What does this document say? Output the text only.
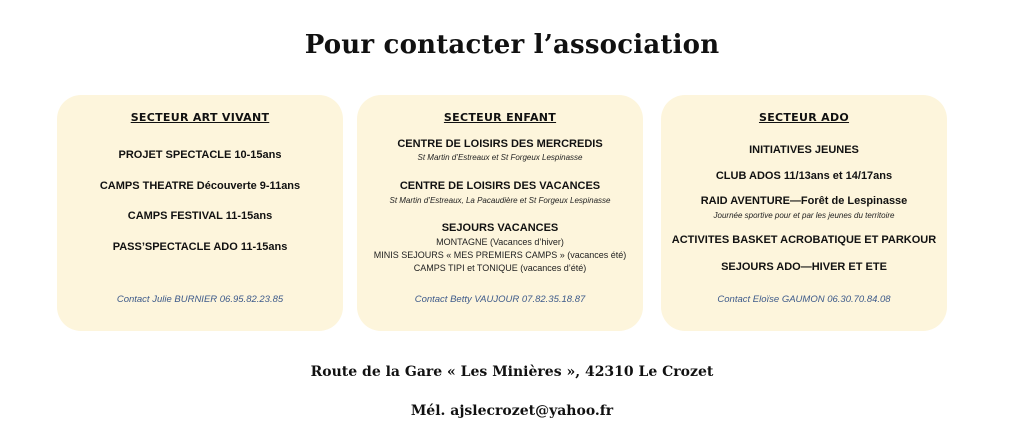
Pour contacter l’association
SECTEUR ART VIVANT
PROJET SPECTACLE 10-15ans
CAMPS THEATRE Découverte 9-11ans
CAMPS FESTIVAL 11-15ans
PASS’SPECTACLE ADO 11-15ans
Contact Julie BURNIER 06.95.82.23.85
SECTEUR ENFANT
CENTRE DE LOISIRS DES MERCREDIS
St Martin d’Estreaux et St Forgeux Lespinasse
CENTRE DE LOISIRS DES VACANCES
St Martin d’Estreaux, La Pacaudière et St Forgeux Lespinasse
SEJOURS VACANCES
MONTAGNE (Vacances d’hiver)
MINIS SEJOURS « MES PREMIERS CAMPS » (vacances été)
CAMPS TIPI et TONIQUE (vacances d’été)
Contact Betty VAUJOUR 07.82.35.18.87
SECTEUR ADO
INITIATIVES JEUNES
CLUB ADOS 11/13ans et 14/17ans
RAID AVENTURE—Forêt de Lespinasse
Journée sportive pour et par les jeunes du territoire
ACTIVITES BASKET ACROBATIQUE ET PARKOUR
SEJOURS ADO—HIVER ET ETE
Contact Eloïse GAUMON 06.30.70.84.08
Route de la Gare « Les Minières », 42310 Le Crozet
Mél. ajslecrozet@yahoo.fr
